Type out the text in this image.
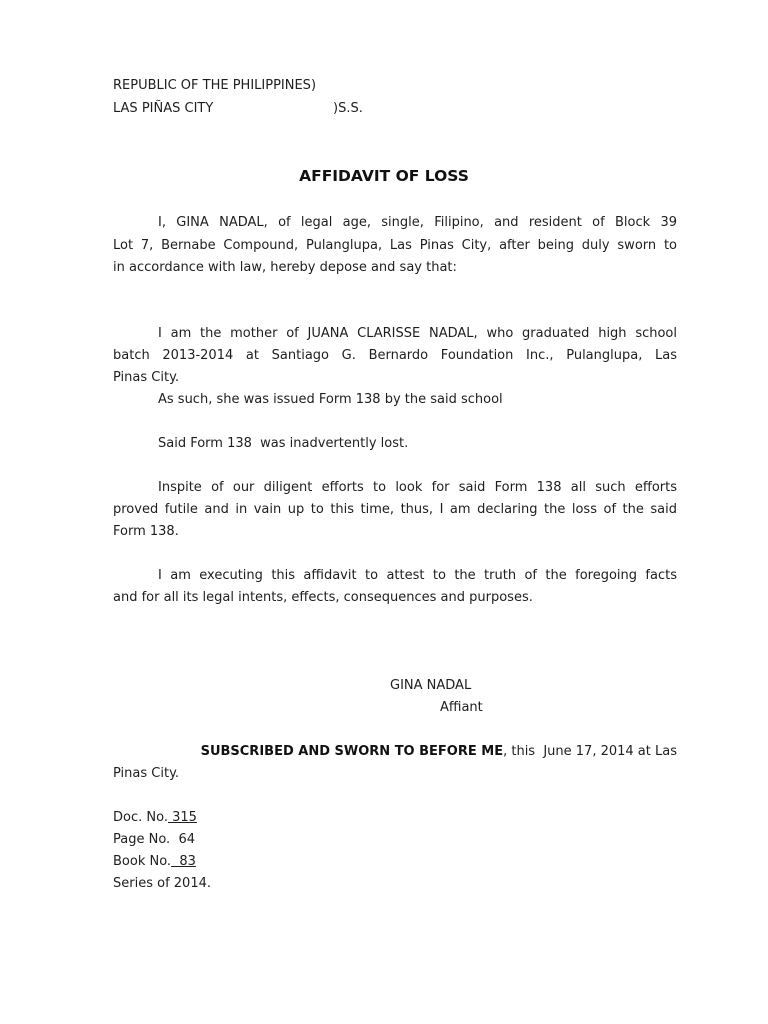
REPUBLIC OF THE PHILIPPINES)
LAS PIÑAS CITY	)S.S.
AFFIDAVIT OF LOSS
I, GINA NADAL, of legal age, single, Filipino, and resident of Block 39
Lot 7, Bernabe Compound, Pulanglupa, Las Pinas City, after being duly sworn to
in accordance with law, hereby depose and say that:
I am the mother of JUANA CLARISSE NADAL, who graduated high school
batch 2013-2014 at Santiago G. Bernardo Foundation Inc., Pulanglupa, Las
Pinas City.
As such, she was issued Form 138 by the said school
Said Form 138  was inadvertently lost.
Inspite of our diligent efforts to look for said Form 138 all such efforts
proved futile and in vain up to this time, thus, I am declaring the loss of the said
Form 138.
I am executing this affidavit to attest to the truth of the foregoing facts
and for all its legal intents, effects, consequences and purposes.
GINA NADAL
Affiant
SUBSCRIBED AND SWORN TO BEFORE ME, this  June 17, 2014 at Las
Pinas City.
Doc. No. 315
Page No.  64
Book No.  83
Series of 2014.
